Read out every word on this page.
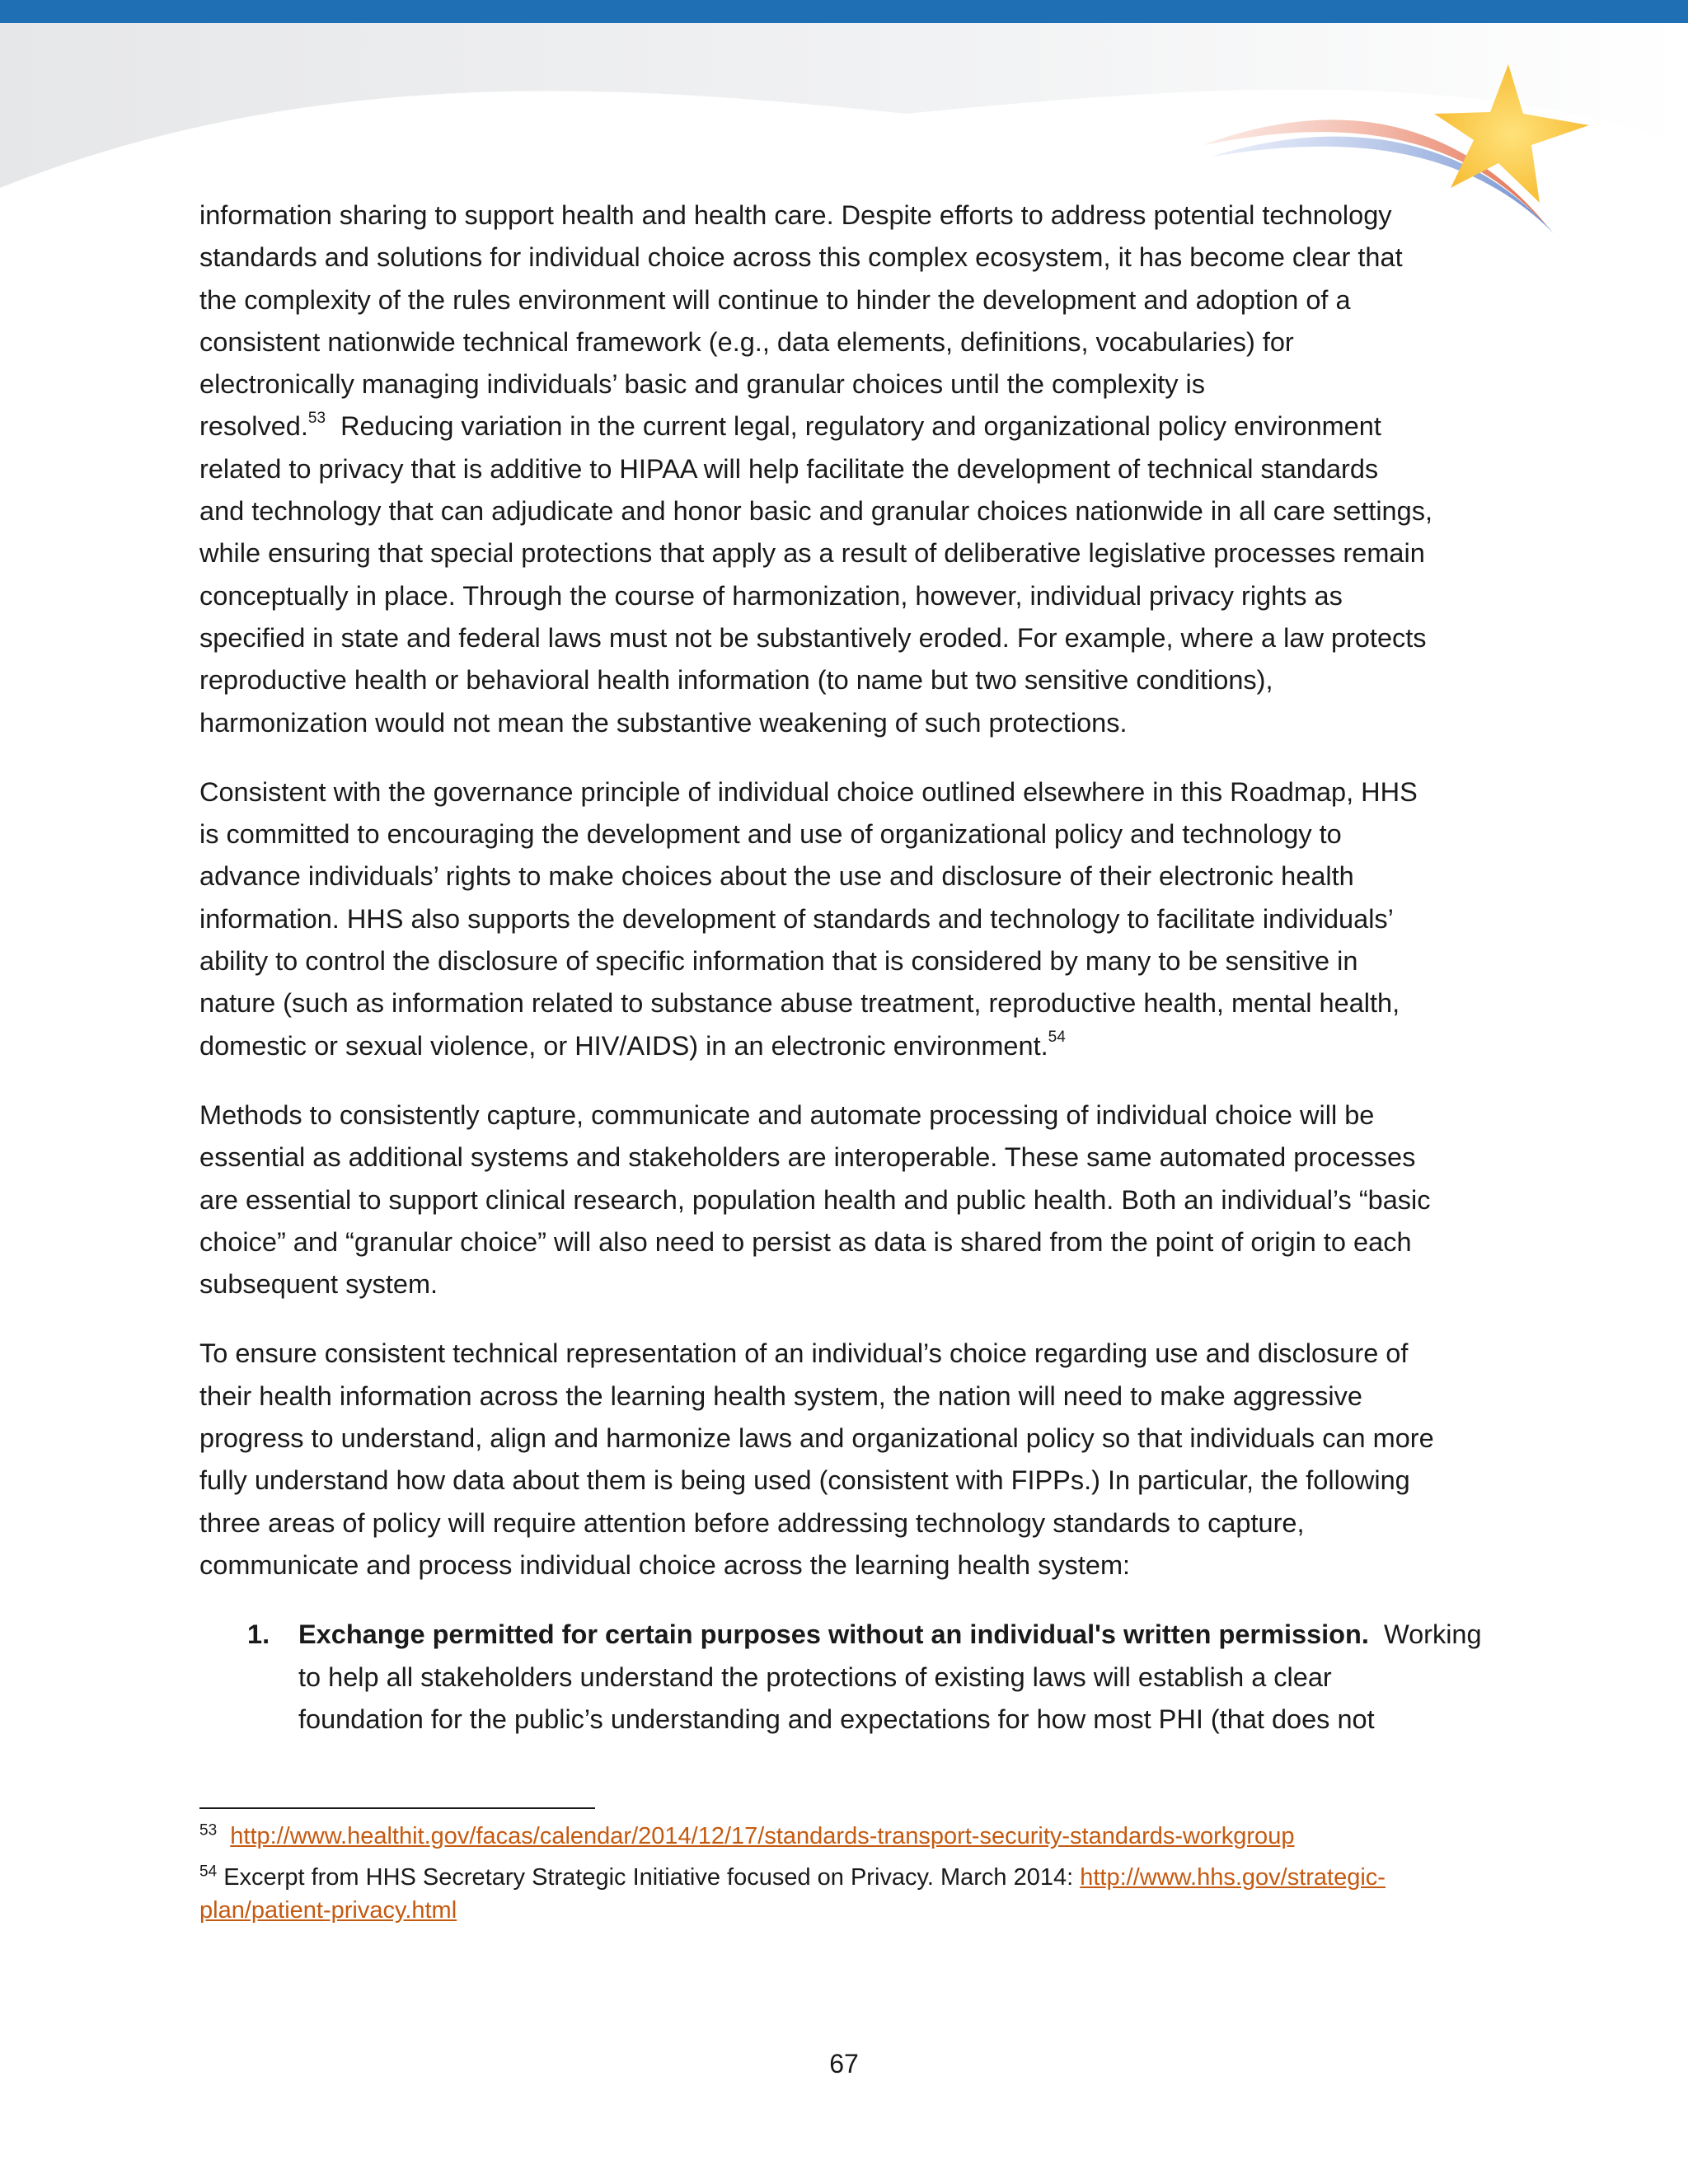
information sharing to support health and health care. Despite efforts to address potential technology
standards and solutions for individual choice across this complex ecosystem, it has become clear that
the complexity of the rules environment will continue to hinder the development and adoption of a
consistent nationwide technical framework (e.g., data elements, definitions, vocabularies) for
electronically managing individuals’ basic and granular choices until the complexity is
resolved.$^{53}$  Reducing variation in the current legal, regulatory and organizational policy environment
related to privacy that is additive to HIPAA will help facilitate the development of technical standards
and technology that can adjudicate and honor basic and granular choices nationwide in all care settings,
while ensuring that special protections that apply as a result of deliberative legislative processes remain
conceptually in place. Through the course of harmonization, however, individual privacy rights as
specified in state and federal laws must not be substantively eroded. For example, where a law protects
reproductive health or behavioral health information (to name but two sensitive conditions),
harmonization would not mean the substantive weakening of such protections.

Consistent with the governance principle of individual choice outlined elsewhere in this Roadmap, HHS
is committed to encouraging the development and use of organizational policy and technology to
advance individuals’ rights to make choices about the use and disclosure of their electronic health
information. HHS also supports the development of standards and technology to facilitate individuals’
ability to control the disclosure of specific information that is considered by many to be sensitive in
nature (such as information related to substance abuse treatment, reproductive health, mental health,
domestic or sexual violence, or HIV/AIDS) in an electronic environment.$^{54}$

Methods to consistently capture, communicate and automate processing of individual choice will be
essential as additional systems and stakeholders are interoperable. These same automated processes
are essential to support clinical research, population health and public health. Both an individual’s “basic
choice” and “granular choice” will also need to persist as data is shared from the point of origin to each
subsequent system.

To ensure consistent technical representation of an individual’s choice regarding use and disclosure of
their health information across the learning health system, the nation will need to make aggressive
progress to understand, align and harmonize laws and organizational policy so that individuals can more
fully understand how data about them is being used (consistent with FIPPs.) In particular, the following
three areas of policy will require attention before addressing technology standards to capture,
communicate and process individual choice across the learning health system:

1. Exchange permitted for certain purposes without an individual's written permission.  Working
to help all stakeholders understand the protections of existing laws will establish a clear
foundation for the public’s understanding and expectations for how most PHI (that does not

$^{53}$ http://www.healthit.gov/facas/calendar/2014/12/17/standards-transport-security-standards-workgroup

$^{54}$ Excerpt from HHS Secretary Strategic Initiative focused on Privacy. March 2014: http://www.hhs.gov/strategic-
plan/patient-privacy.html

67
